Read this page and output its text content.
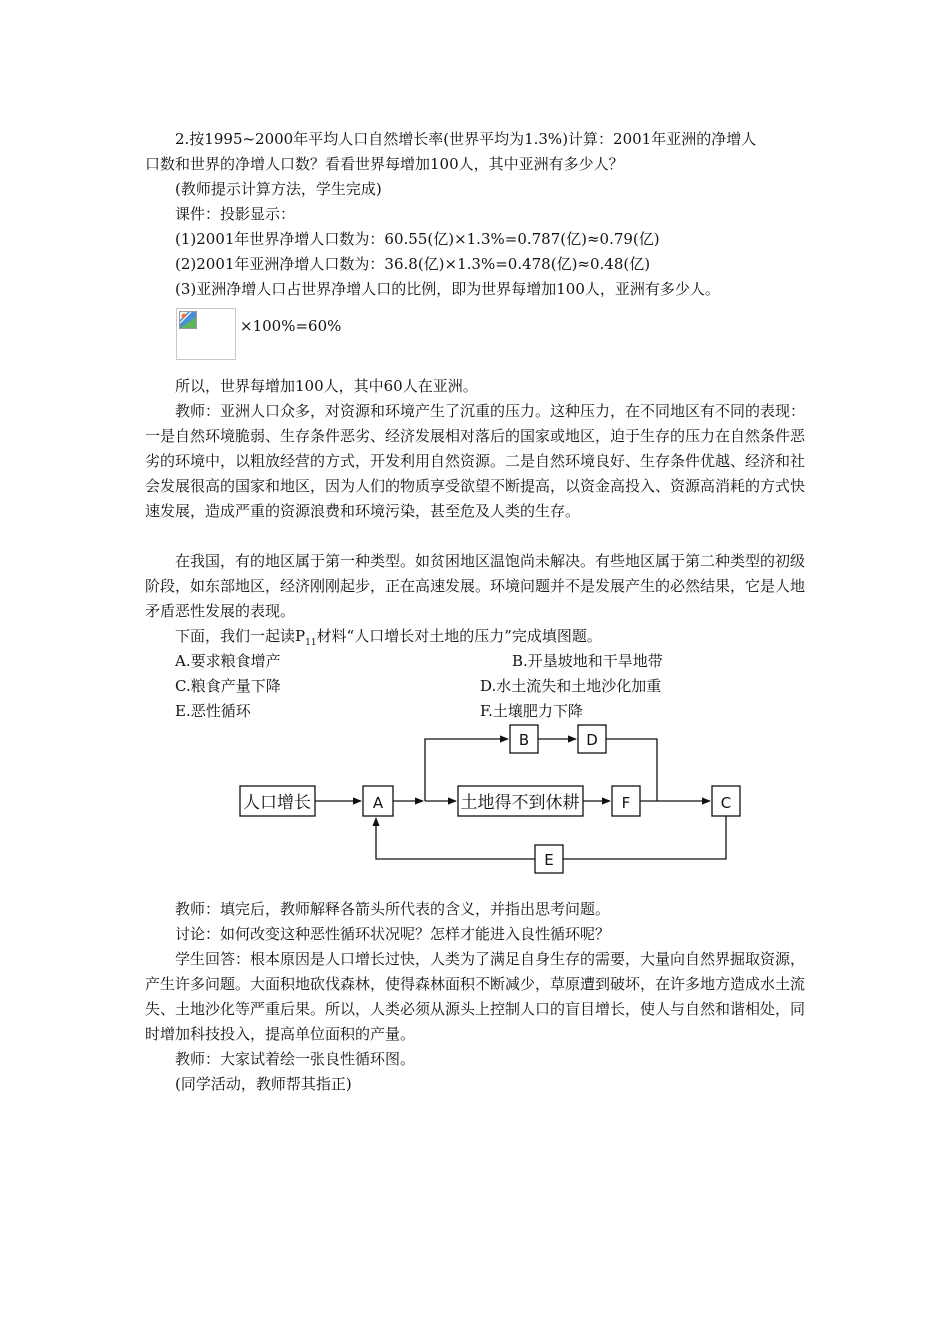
2.按1995~2000年平均人口自然增长率(世界平均为1.3%)计算：2001年亚洲的净增人

口数和世界的净增人口数？看看世界每增加100人，其中亚洲有多少人？

(教师提示计算方法，学生完成)

课件：投影显示：

(1)2001年世界净增人口数为：60.55(亿)×1.3%=0.787(亿)≈0.79(亿)

(2)2001年亚洲净增人口数为：36.8(亿)×1.3%=0.478(亿)≈0.48(亿)

(3)亚洲净增人口占世界净增人口的比例，即为世界每增加100人，亚洲有多少人。

×100%=60%

所以，世界每增加100人，其中60人在亚洲。

教师：亚洲人口众多，对资源和环境产生了沉重的压力。这种压力，在不同地区有不同的表现：一是自然环境脆弱、生存条件恶劣、经济发展相对落后的国家或地区，迫于生存的压力在自然条件恶劣的环境中，以粗放经营的方式，开发利用自然资源。二是自然环境良好、生存条件优越、经济和社会发展很高的国家和地区，因为人们的物质享受欲望不断提高，以资金高投入、资源高消耗的方式快速发展，造成严重的资源浪费和环境污染，甚至危及人类的生存。

在我国，有的地区属于第一种类型。如贫困地区温饱尚未解决。有些地区属于第二种类型的初级阶段，如东部地区，经济刚刚起步，正在高速发展。环境问题并不是发展产生的必然结果，它是人地矛盾恶性发展的表现。

下面，我们一起读$P_{11}$材料“人口增长对土地的压力”完成填图题。

A.要求粮食增产	B.开垦坡地和干旱地带
C.粮食产量下降	D.水土流失和土地沙化加重
E.恶性循环	F.土壤肥力下降
人口增长	A	土地得不到休耕	F	C
B	D
E

教师：填完后，教师解释各箭头所代表的含义，并指出思考问题。

讨论：如何改变这种恶性循环状况呢？怎样才能进入良性循环呢？

学生回答：根本原因是人口增长过快，人类为了满足自身生存的需要，大量向自然界掘取资源，产生许多问题。大面积地砍伐森林，使得森林面积不断减少，草原遭到破坏，在许多地方造成水土流失、土地沙化等严重后果。所以，人类必须从源头上控制人口的盲目增长，使人与自然和谐相处，同时增加科技投入，提高单位面积的产量。

教师：大家试着绘一张良性循环图。

(同学活动，教师帮其指正)
